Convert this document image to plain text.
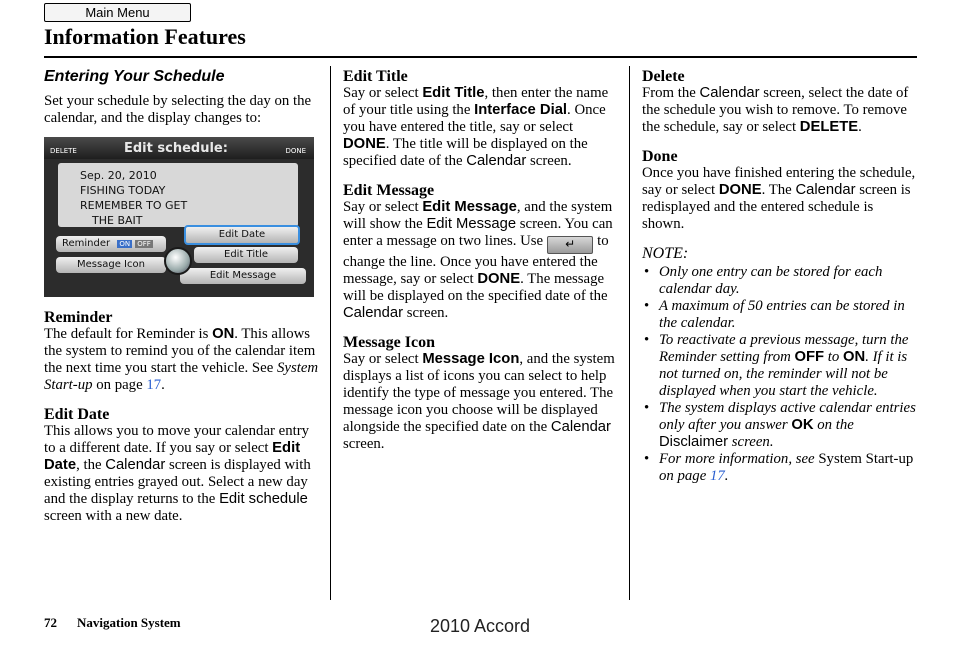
Main Menu
Information Features
Entering Your Schedule

Set your schedule by selecting the day on the calendar, and the display changes to:

DELETE	Edit schedule:	DONE
Sep. 20, 2010
FISHING TODAY
REMEMBER TO GET
THE BAIT
Reminder ON OFF
Message Icon
Edit Date
Edit Title
Edit Message
Reminder

The default for Reminder is ON. This allows the system to remind you of the calendar item the next time you start the vehicle. See System Start-up on page 17.

Edit Date

This allows you to move your calendar entry to a different date. If you say or select Edit Date, the Calendar screen is displayed with existing entries grayed out. Select a new day and the display returns to the Edit schedule screen with a new date.

Edit Title

Say or select Edit Title, then enter the name of your title using the Interface Dial. Once you have entered the title, say or select DONE. The title will be displayed on the specified date of the Calendar screen.

Edit Message

Say or select Edit Message, and the system will show the Edit Message screen. You can enter a message on two lines. Use ↵ to change the line. Once you have entered the message, say or select DONE. The message will be displayed on the specified date of the Calendar screen.

Message Icon

Say or select Message Icon, and the system displays a list of icons you can select to help identify the type of message you entered. The message icon you choose will be displayed alongside the specified date on the Calendar screen.

Delete

From the Calendar screen, select the date of the schedule you wish to remove. To remove the schedule, say or select DELETE.

Done

Once you have finished entering the schedule, say or select DONE. The Calendar screen is redisplayed and the entered schedule is shown.

NOTE:
• Only one entry can be stored for each calendar day.
• A maximum of 50 entries can be stored in the calendar.
• To reactivate a previous message, turn the Reminder setting from OFF to ON. If it is not turned on, the reminder will not be displayed when you start the vehicle.
• The system displays active calendar entries only after you answer OK on the Disclaimer screen.
• For more information, see System Start-up on page 17.
72 Navigation System	2010 Accord
